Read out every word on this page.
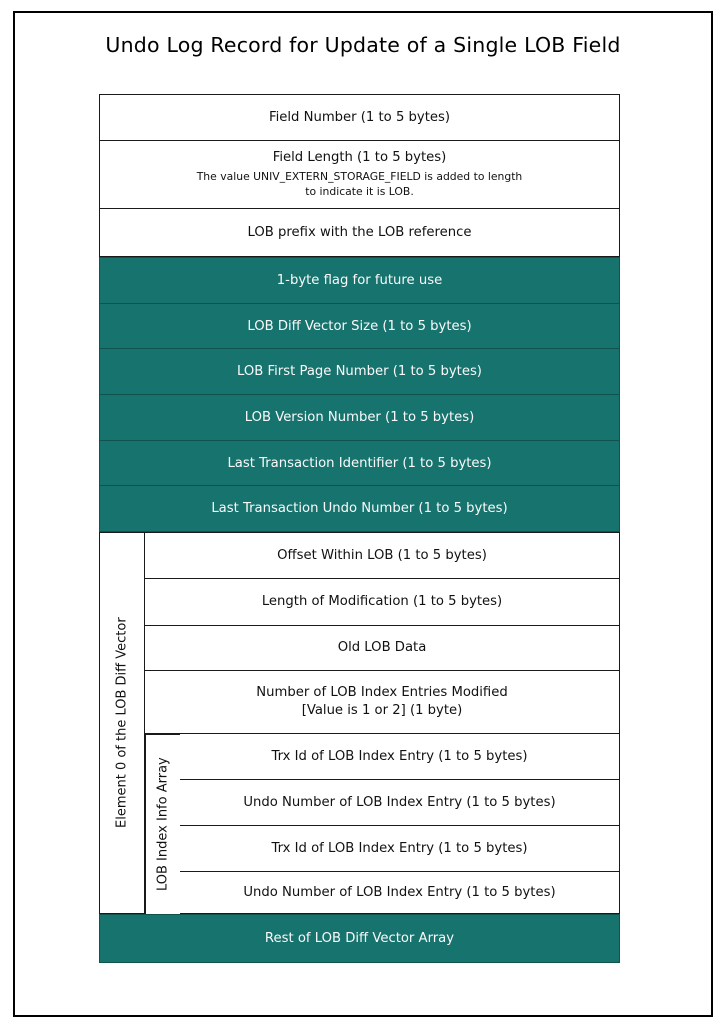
Undo Log Record for Update of a Single LOB Field
Field Number (1 to 5 bytes)
Field Length (1 to 5 bytes)
The value UNIV_EXTERN_STORAGE_FIELD is added to length
to indicate it is LOB.
LOB prefix with the LOB reference
1-byte flag for future use
LOB Diff Vector Size (1 to 5 bytes)
LOB First Page Number (1 to 5 bytes)
LOB Version Number (1 to 5 bytes)
Last Transaction Identifier (1 to 5 bytes)
Last Transaction Undo Number (1 to 5 bytes)
Element 0 of the LOB Diff Vector
Offset Within LOB (1 to 5 bytes)
Length of Modification (1 to 5 bytes)
Old LOB Data
Number of LOB Index Entries Modified
[Value is 1 or 2] (1 byte)
LOB Index Info Array
Trx Id of LOB Index Entry (1 to 5 bytes)
Undo Number of LOB Index Entry (1 to 5 bytes)
Trx Id of LOB Index Entry (1 to 5 bytes)
Undo Number of LOB Index Entry (1 to 5 bytes)
Rest of LOB Diff Vector Array
